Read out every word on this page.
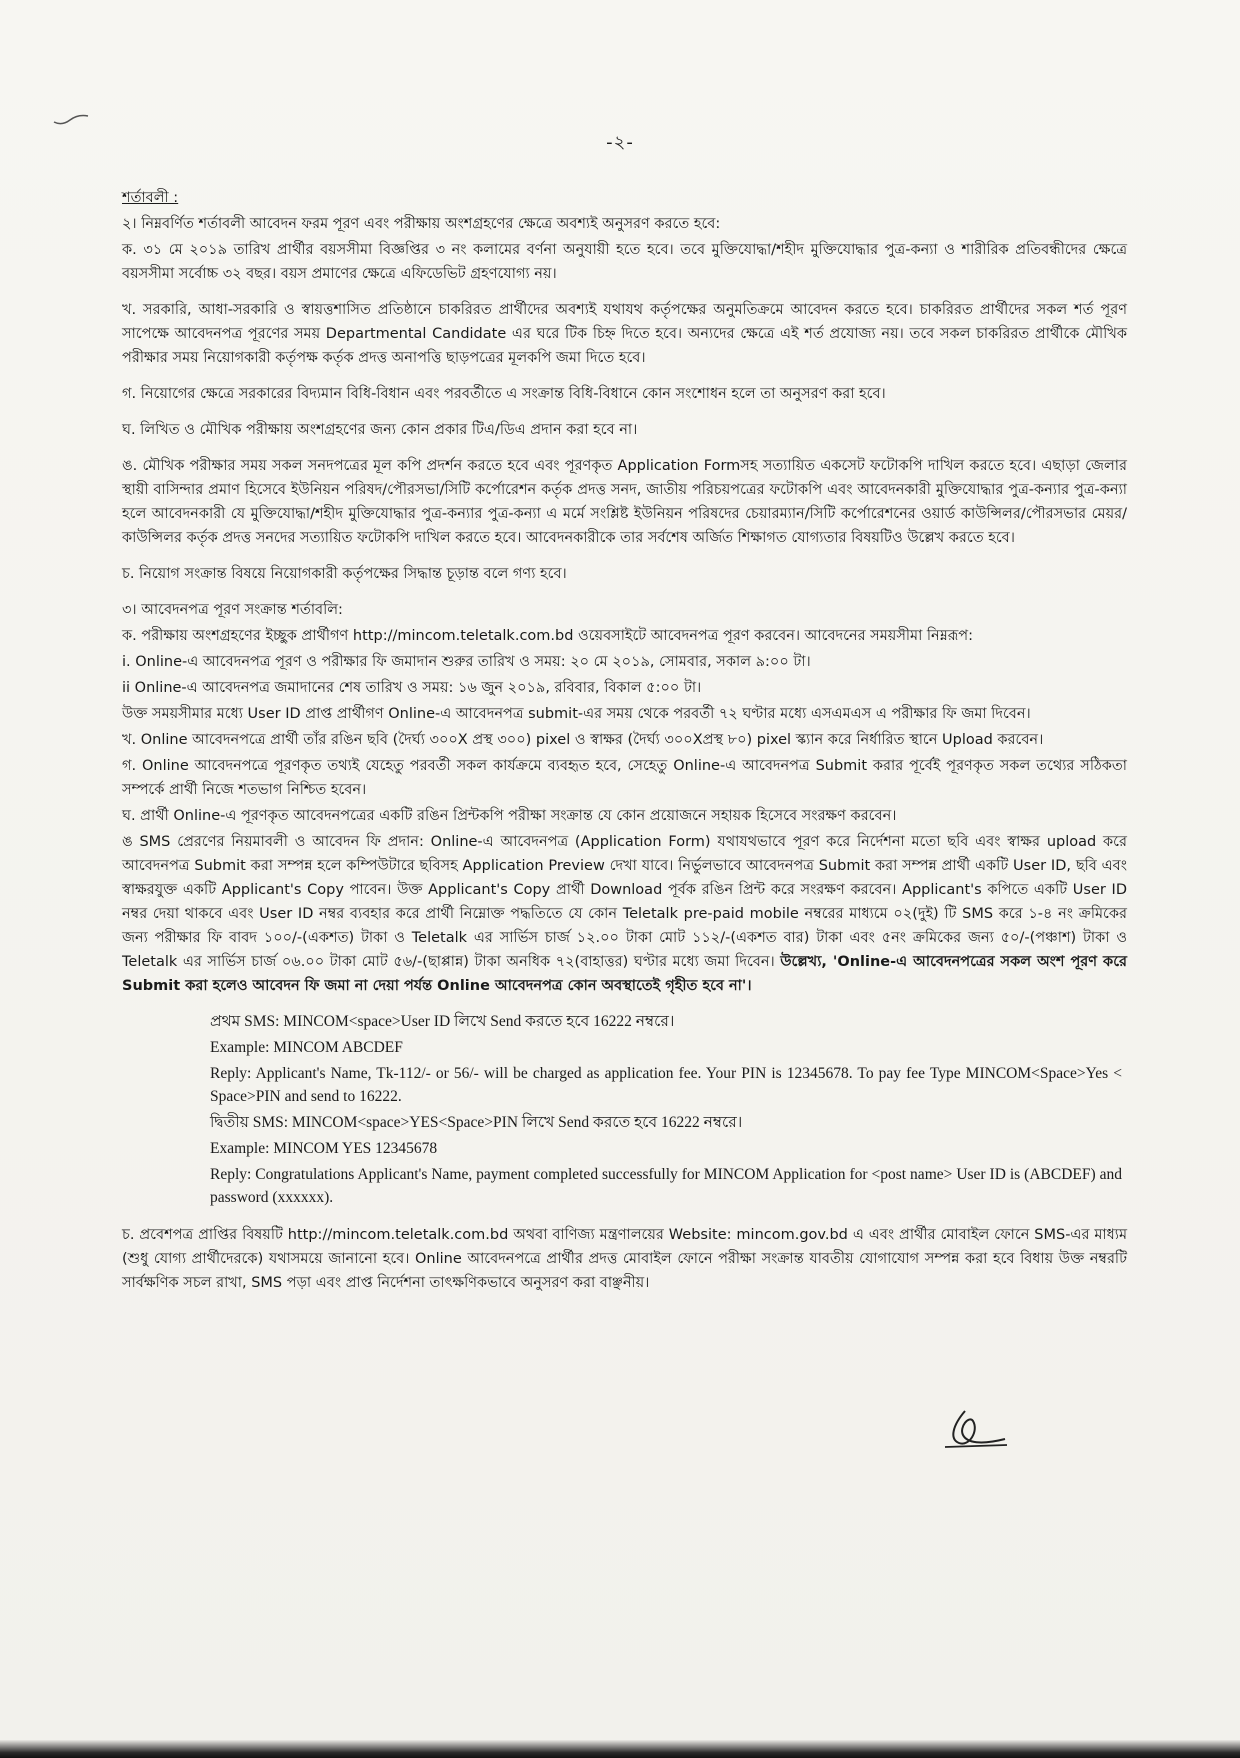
-২-

শর্তাবলী :

২। নিম্নবর্ণিত শর্তাবলী আবেদন ফরম পূরণ এবং পরীক্ষায় অংশগ্রহণের ক্ষেত্রে অবশ্যই অনুসরণ করতে হবে:

ক. ৩১ মে ২০১৯ তারিখ প্রার্থীর বয়সসীমা বিজ্ঞপ্তির ৩ নং কলামের বর্ণনা অনুযায়ী হতে হবে। তবে মুক্তিযোদ্ধা/শহীদ মুক্তিযোদ্ধার পুত্র-কন্যা ও শারীরিক প্রতিবন্ধীদের ক্ষেত্রে বয়সসীমা সর্বোচ্চ ৩২ বছর। বয়স প্রমাণের ক্ষেত্রে এফিডেভিট গ্রহণযোগ্য নয়।

খ. সরকারি, আধা-সরকারি ও স্বায়ত্তশাসিত প্রতিষ্ঠানে চাকরিরত প্রার্থীদের অবশ্যই যথাযথ কর্তৃপক্ষের অনুমতিক্রমে আবেদন করতে হবে। চাকরিরত প্রার্থীদের সকল শর্ত পূরণ সাপেক্ষে আবেদনপত্র পূরণের সময় Departmental Candidate এর ঘরে টিক চিহ্ন দিতে হবে। অন্যদের ক্ষেত্রে এই শর্ত প্রযোজ্য নয়। তবে সকল চাকরিরত প্রার্থীকে মৌখিক পরীক্ষার সময় নিয়োগকারী কর্তৃপক্ষ কর্তৃক প্রদত্ত অনাপত্তি ছাড়পত্রের মূলকপি জমা দিতে হবে।

গ. নিয়োগের ক্ষেত্রে সরকারের বিদ্যমান বিধি-বিধান এবং পরবর্তীতে এ সংক্রান্ত বিধি-বিধানে কোন সংশোধন হলে তা অনুসরণ করা হবে।

ঘ. লিখিত ও মৌখিক পরীক্ষায় অংশগ্রহণের জন্য কোন প্রকার টিএ/ডিএ প্রদান করা হবে না।

ঙ. মৌখিক পরীক্ষার সময় সকল সনদপত্রের মূল কপি প্রদর্শন করতে হবে এবং পূরণকৃত Application Formসহ সত্যায়িত একসেট ফটোকপি দাখিল করতে হবে। এছাড়া জেলার স্থায়ী বাসিন্দার প্রমাণ হিসেবে ইউনিয়ন পরিষদ/পৌরসভা/সিটি কর্পোরেশন কর্তৃক প্রদত্ত সনদ, জাতীয় পরিচয়পত্রের ফটোকপি এবং আবেদনকারী মুক্তিযোদ্ধার পুত্র-কন্যার পুত্র-কন্যা হলে আবেদনকারী যে মুক্তিযোদ্ধা/শহীদ মুক্তিযোদ্ধার পুত্র-কন্যার পুত্র-কন্যা এ মর্মে সংশ্লিষ্ট ইউনিয়ন পরিষদের চেয়ারম্যান/সিটি কর্পোরেশনের ওয়ার্ড কাউন্সিলর/পৌরসভার মেয়র/কাউন্সিলর কর্তৃক প্রদত্ত সনদের সত্যায়িত ফটোকপি দাখিল করতে হবে। আবেদনকারীকে তার সর্বশেষ অর্জিত শিক্ষাগত যোগ্যতার বিষয়টিও উল্লেখ করতে হবে।

চ. নিয়োগ সংক্রান্ত বিষয়ে নিয়োগকারী কর্তৃপক্ষের সিদ্ধান্ত চূড়ান্ত বলে গণ্য হবে।

৩। আবেদনপত্র পূরণ সংক্রান্ত শর্তাবলি:

ক. পরীক্ষায় অংশগ্রহণের ইচ্ছুক প্রার্থীগণ http://mincom.teletalk.com.bd ওয়েবসাইটে আবেদনপত্র পূরণ করবেন। আবেদনের সময়সীমা নিম্নরূপ:

i. Online-এ আবেদনপত্র পূরণ ও পরীক্ষার ফি জমাদান শুরুর তারিখ ও সময়: ২০ মে ২০১৯, সোমবার, সকাল ৯:০০ টা।

ii Online-এ আবেদনপত্র জমাদানের শেষ তারিখ ও সময়: ১৬ জুন ২০১৯, রবিবার, বিকাল ৫:০০ টা।

উক্ত সময়সীমার মধ্যে User ID প্রাপ্ত প্রার্থীগণ Online-এ আবেদনপত্র submit-এর সময় থেকে পরবর্তী ৭২ ঘণ্টার মধ্যে এসএমএস এ পরীক্ষার ফি জমা দিবেন।

খ. Online আবেদনপত্রে প্রার্থী তাঁর রঙিন ছবি (দৈর্ঘ্য ৩০০X প্রস্থ ৩০০) pixel ও স্বাক্ষর (দৈর্ঘ্য ৩০০Xপ্রস্থ ৮০) pixel স্ক্যান করে নির্ধারিত স্থানে Upload করবেন।

গ. Online আবেদনপত্রে পূরণকৃত তথ্যই যেহেতু পরবর্তী সকল কার্যক্রমে ব্যবহৃত হবে, সেহেতু Online-এ আবেদনপত্র Submit করার পূর্বেই পূরণকৃত সকল তথ্যের সঠিকতা সম্পর্কে প্রার্থী নিজে শতভাগ নিশ্চিত হবেন।

ঘ. প্রার্থী Online-এ পূরণকৃত আবেদনপত্রের একটি রঙিন প্রিন্টকপি পরীক্ষা সংক্রান্ত যে কোন প্রয়োজনে সহায়ক হিসেবে সংরক্ষণ করবেন।

ঙ SMS প্রেরণের নিয়মাবলী ও আবেদন ফি প্রদান: Online-এ আবেদনপত্র (Application Form) যথাযথভাবে পূরণ করে নির্দেশনা মতো ছবি এবং স্বাক্ষর upload করে আবেদনপত্র Submit করা সম্পন্ন হলে কম্পিউটারে ছবিসহ Application Preview দেখা যাবে। নির্ভুলভাবে আবেদনপত্র Submit করা সম্পন্ন প্রার্থী একটি User ID, ছবি এবং স্বাক্ষরযুক্ত একটি Applicant's Copy পাবেন। উক্ত Applicant's Copy প্রার্থী Download পূর্বক রঙিন প্রিন্ট করে সংরক্ষণ করবেন। Applicant's কপিতে একটি User ID নম্বর দেয়া থাকবে এবং User ID নম্বর ব্যবহার করে প্রার্থী নিম্নোক্ত পদ্ধতিতে যে কোন Teletalk pre-paid mobile নম্বরের মাধ্যমে ০২(দুই) টি SMS করে ১-৪ নং ক্রমিকের জন্য পরীক্ষার ফি বাবদ ১০০/-(একশত) টাকা ও Teletalk এর সার্ভিস চার্জ ১২.০০ টাকা মোট ১১২/-(একশত বার) টাকা এবং ৫নং ক্রমিকের জন্য ৫০/-(পঞ্চাশ) টাকা ও Teletalk এর সার্ভিস চার্জ ০৬.০০ টাকা মোট ৫৬/-(ছাপ্পান্ন) টাকা অনধিক ৭২(বাহাত্তর) ঘণ্টার মধ্যে জমা দিবেন। উল্লেখ্য, 'Online-এ আবেদনপত্রের সকল অংশ পূরণ করে Submit করা হলেও আবেদন ফি জমা না দেয়া পর্যন্ত Online আবেদনপত্র কোন অবস্থাতেই গৃহীত হবে না'।

প্রথম SMS: MINCOM<space>User ID লিখে Send করতে হবে 16222 নম্বরে।

Example: MINCOM ABCDEF

Reply: Applicant's Name, Tk-112/- or 56/- will be charged as application fee. Your PIN is 12345678. To pay fee Type MINCOM<Space>Yes < Space>PIN and send to 16222.

দ্বিতীয় SMS: MINCOM<space>YES<Space>PIN লিখে Send করতে হবে 16222 নম্বরে।

Example: MINCOM YES 12345678

Reply: Congratulations Applicant's Name, payment completed successfully for MINCOM Application for <post name> User ID is (ABCDEF) and password (xxxxxx).

চ. প্রবেশপত্র প্রাপ্তির বিষয়টি http://mincom.teletalk.com.bd অথবা বাণিজ্য মন্ত্রণালয়ের Website: mincom.gov.bd এ এবং প্রার্থীর মোবাইল ফোনে SMS-এর মাধ্যম (শুধু যোগ্য প্রার্থীদেরকে) যথাসময়ে জানানো হবে। Online আবেদনপত্রে প্রার্থীর প্রদত্ত মোবাইল ফোনে পরীক্ষা সংক্রান্ত যাবতীয় যোগাযোগ সম্পন্ন করা হবে বিধায় উক্ত নম্বরটি সার্বক্ষণিক সচল রাখা, SMS পড়া এবং প্রাপ্ত নির্দেশনা তাৎক্ষণিকভাবে অনুসরণ করা বাঞ্ছনীয়।
